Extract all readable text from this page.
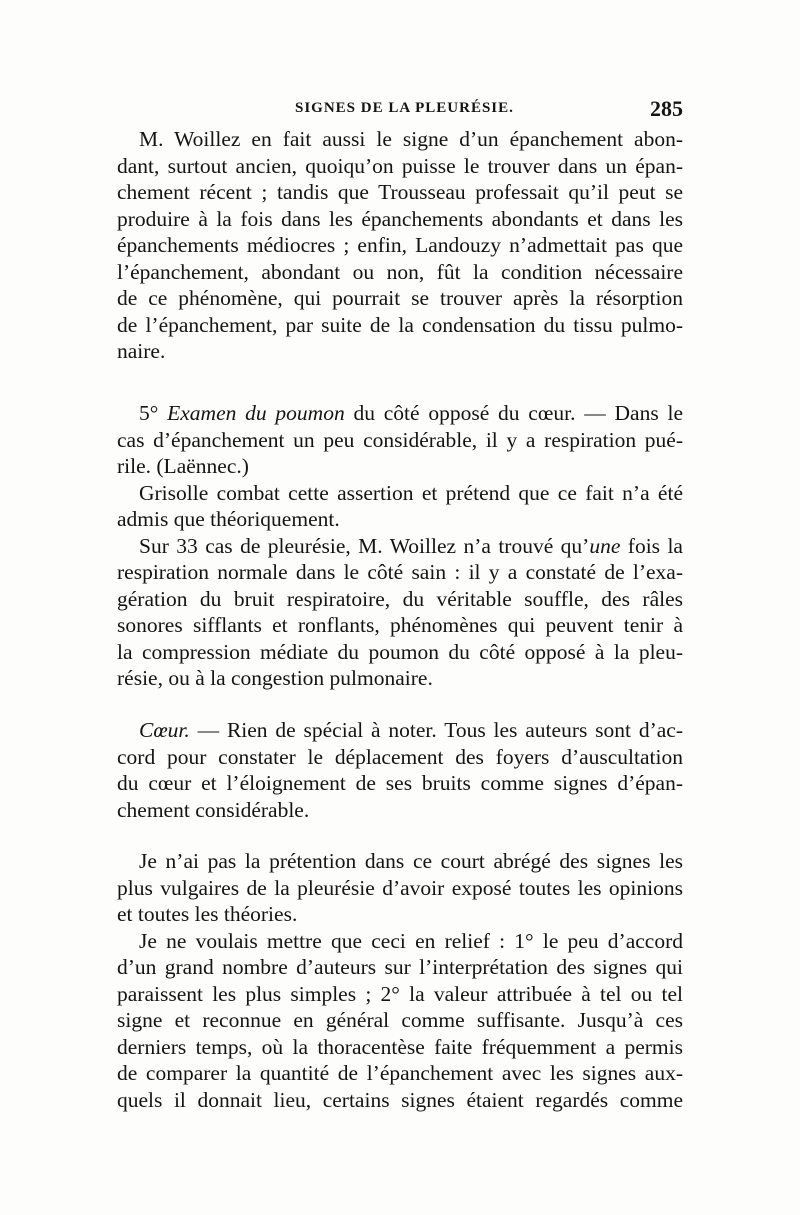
SIGNES DE LA PLEURÉSIE.	285
M. Woillez en fait aussi le signe d’un épanchement abon-
dant, surtout ancien, quoiqu’on puisse le trouver dans un épan-
chement récent ; tandis que Trousseau professait qu’il peut se
produire à la fois dans les épanchements abondants et dans les
épanchements médiocres ; enfin, Landouzy n’admettait pas que
l’épanchement, abondant ou non, fût la condition nécessaire
de ce phénomène, qui pourrait se trouver après la résorption
de l’épanchement, par suite de la condensation du tissu pulmo-
naire.
5° Examen du poumon du côté opposé du cœur. — Dans le
cas d’épanchement un peu considérable, il y a respiration pué-
rile. (Laënnec.)
Grisolle combat cette assertion et prétend que ce fait n’a été
admis que théoriquement.
Sur 33 cas de pleurésie, M. Woillez n’a trouvé qu’une fois la
respiration normale dans le côté sain : il y a constaté de l’exa-
gération du bruit respiratoire, du véritable souffle, des râles
sonores sifflants et ronflants, phénomènes qui peuvent tenir à
la compression médiate du poumon du côté opposé à la pleu-
résie, ou à la congestion pulmonaire.
Cœur. — Rien de spécial à noter. Tous les auteurs sont d’ac-
cord pour constater le déplacement des foyers d’auscultation
du cœur et l’éloignement de ses bruits comme signes d’épan-
chement considérable.
Je n’ai pas la prétention dans ce court abrégé des signes les
plus vulgaires de la pleurésie d’avoir exposé toutes les opinions
et toutes les théories.
Je ne voulais mettre que ceci en relief : 1° le peu d’accord
d’un grand nombre d’auteurs sur l’interprétation des signes qui
paraissent les plus simples ; 2° la valeur attribuée à tel ou tel
signe et reconnue en général comme suffisante. Jusqu’à ces
derniers temps, où la thoracentèse faite fréquemment a permis
de comparer la quantité de l’épanchement avec les signes aux-
quels il donnait lieu, certains signes étaient regardés comme
